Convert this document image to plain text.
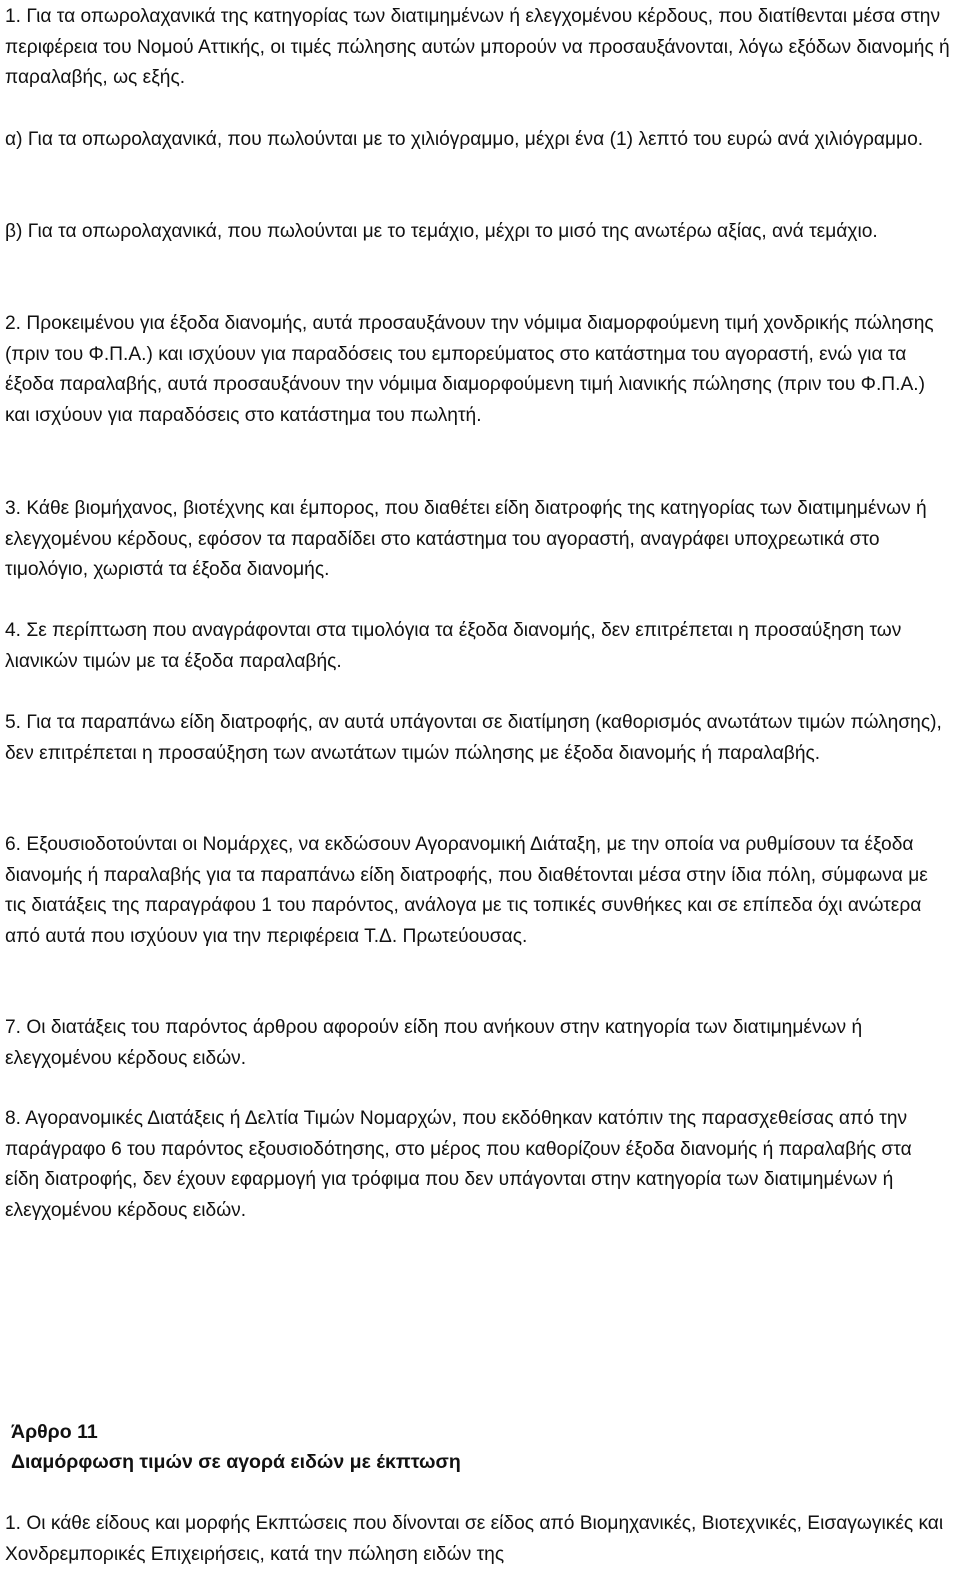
1. Για τα οπωρολαχανικά της κατηγορίας των διατιμημένων ή ελεγχομένου κέρδους, που διατίθενται μέσα στην περιφέρεια του Νομού Αττικής, οι τιμές πώλησης αυτών μπορούν να προσαυξάνονται, λόγω εξόδων διανομής ή παραλαβής, ως εξής.

α) Για τα οπωρολαχανικά, που πωλούνται με το χιλιόγραμμο, μέχρι ένα (1) λεπτό του ευρώ ανά χιλιόγραμμο.

β) Για τα οπωρολαχανικά, που πωλούνται με το τεμάχιο, μέχρι το μισό της ανωτέρω αξίας, ανά τεμάχιο.

2. Προκειμένου για έξοδα διανομής, αυτά προσαυξάνουν την νόμιμα διαμορφούμενη τιμή χονδρικής πώλησης (πριν του Φ.Π.Α.) και ισχύουν για παραδόσεις του εμπορεύματος στο κατάστημα του αγοραστή, ενώ για τα έξοδα παραλαβής, αυτά προσαυξάνουν την νόμιμα διαμορφούμενη τιμή λιανικής πώλησης (πριν του Φ.Π.Α.) και ισχύουν για παραδόσεις στο κατάστημα του πωλητή.

3. Κάθε βιομήχανος, βιοτέχνης και έμπορος, που διαθέτει είδη διατροφής της κατηγορίας των διατιμημένων ή ελεγχομένου κέρδους, εφόσον τα παραδίδει στο κατάστημα του αγοραστή, αναγράφει υποχρεωτικά στο τιμολόγιο, χωριστά τα έξοδα διανομής.

4. Σε περίπτωση που αναγράφονται στα τιμολόγια τα έξοδα διανομής, δεν επιτρέπεται η προσαύξηση των λιανικών τιμών με τα έξοδα παραλαβής.

5. Για τα παραπάνω είδη διατροφής, αν αυτά υπάγονται σε διατίμηση (καθορισμός ανωτάτων τιμών πώλησης), δεν επιτρέπεται η προσαύξηση των ανωτάτων τιμών πώλησης με έξοδα διανομής ή παραλαβής.

6. Εξουσιοδοτούνται οι Νομάρχες, να εκδώσουν Αγορανομική Διάταξη, με την οποία να ρυθμίσουν τα έξοδα διανομής ή παραλαβής για τα παραπάνω είδη διατροφής, που διαθέτονται μέσα στην ίδια πόλη, σύμφωνα με τις διατάξεις της παραγράφου 1 του παρόντος, ανάλογα με τις τοπικές συνθήκες και σε επίπεδα όχι ανώτερα από αυτά που ισχύουν για την περιφέρεια Τ.Δ. Πρωτεύουσας.

7. Οι διατάξεις του παρόντος άρθρου αφορούν είδη που ανήκουν στην κατηγορία των διατιμημένων ή ελεγχομένου κέρδους ειδών.

8. Αγορανομικές Διατάξεις ή Δελτία Τιμών Νομαρχών, που εκδόθηκαν κατόπιν της παρασχεθείσας από την παράγραφο 6 του παρόντος εξουσιοδότησης, στο μέρος που καθορίζουν έξοδα διανομής ή παραλαβής στα είδη διατροφής, δεν έχουν εφαρμογή για τρόφιμα που δεν υπάγονται στην κατηγορία των διατιμημένων ή ελεγχομένου κέρδους ειδών.

Άρθρο 11
Διαμόρφωση τιμών σε αγορά ειδών με έκπτωση

1. Οι κάθε είδους και μορφής Εκπτώσεις που δίνονται σε είδος από Βιομηχανικές, Βιοτεχνικές, Εισαγωγικές και Χονδρεμπορικές Επιχειρήσεις, κατά την πώληση ειδών της
